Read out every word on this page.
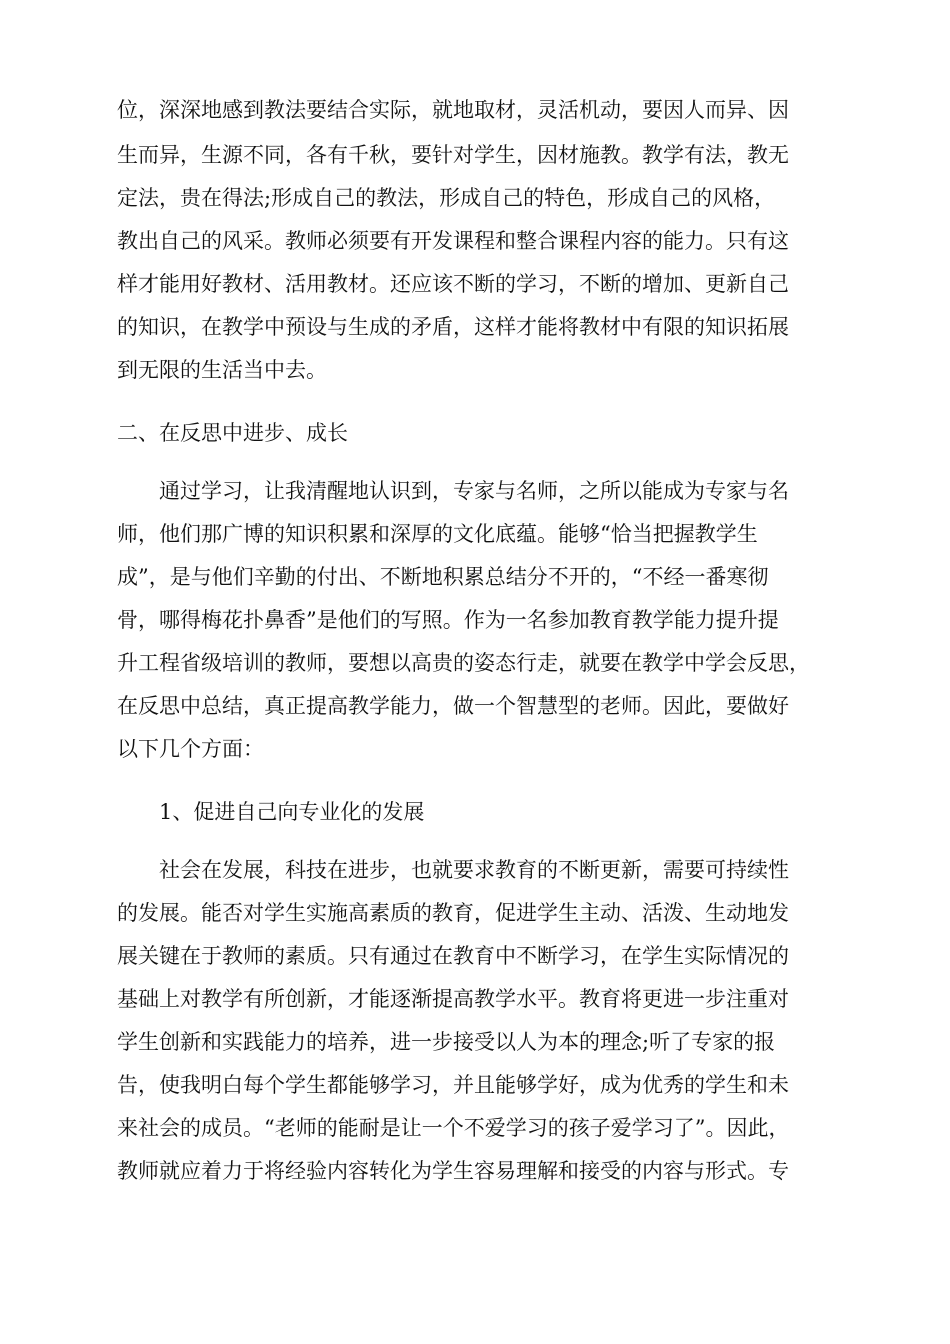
位，深深地感到教法要结合实际，就地取材，灵活机动，要因人而异、因

生而异，生源不同，各有千秋，要针对学生，因材施教。教学有法，教无

定法，贵在得法;形成自己的教法，形成自己的特色，形成自己的风格，

教出自己的风采。教师必须要有开发课程和整合课程内容的能力。只有这

样才能用好教材、活用教材。还应该不断的学习，不断的增加、更新自己

的知识，在教学中预设与生成的矛盾，这样才能将教材中有限的知识拓展

到无限的生活当中去。

二、在反思中进步、成长

通过学习，让我清醒地认识到，专家与名师，之所以能成为专家与名

师，他们那广博的知识积累和深厚的文化底蕴。能够“恰当把握教学生

成”，是与他们辛勤的付出、不断地积累总结分不开的，“不经一番寒彻

骨，哪得梅花扑鼻香”是他们的写照。作为一名参加教育教学能力提升提

升工程省级培训的教师，要想以高贵的姿态行走，就要在教学中学会反思，

在反思中总结，真正提高教学能力，做一个智慧型的老师。因此，要做好

以下几个方面：

1、促进自己向专业化的发展

社会在发展，科技在进步，也就要求教育的不断更新，需要可持续性

的发展。能否对学生实施高素质的教育，促进学生主动、活泼、生动地发

展关键在于教师的素质。只有通过在教育中不断学习，在学生实际情况的

基础上对教学有所创新，才能逐渐提高教学水平。教育将更进一步注重对

学生创新和实践能力的培养，进一步接受以人为本的理念;听了专家的报

告，使我明白每个学生都能够学习，并且能够学好，成为优秀的学生和未

来社会的成员。“老师的能耐是让一个不爱学习的孩子爱学习了”。因此，

教师就应着力于将经验内容转化为学生容易理解和接受的内容与形式。专
